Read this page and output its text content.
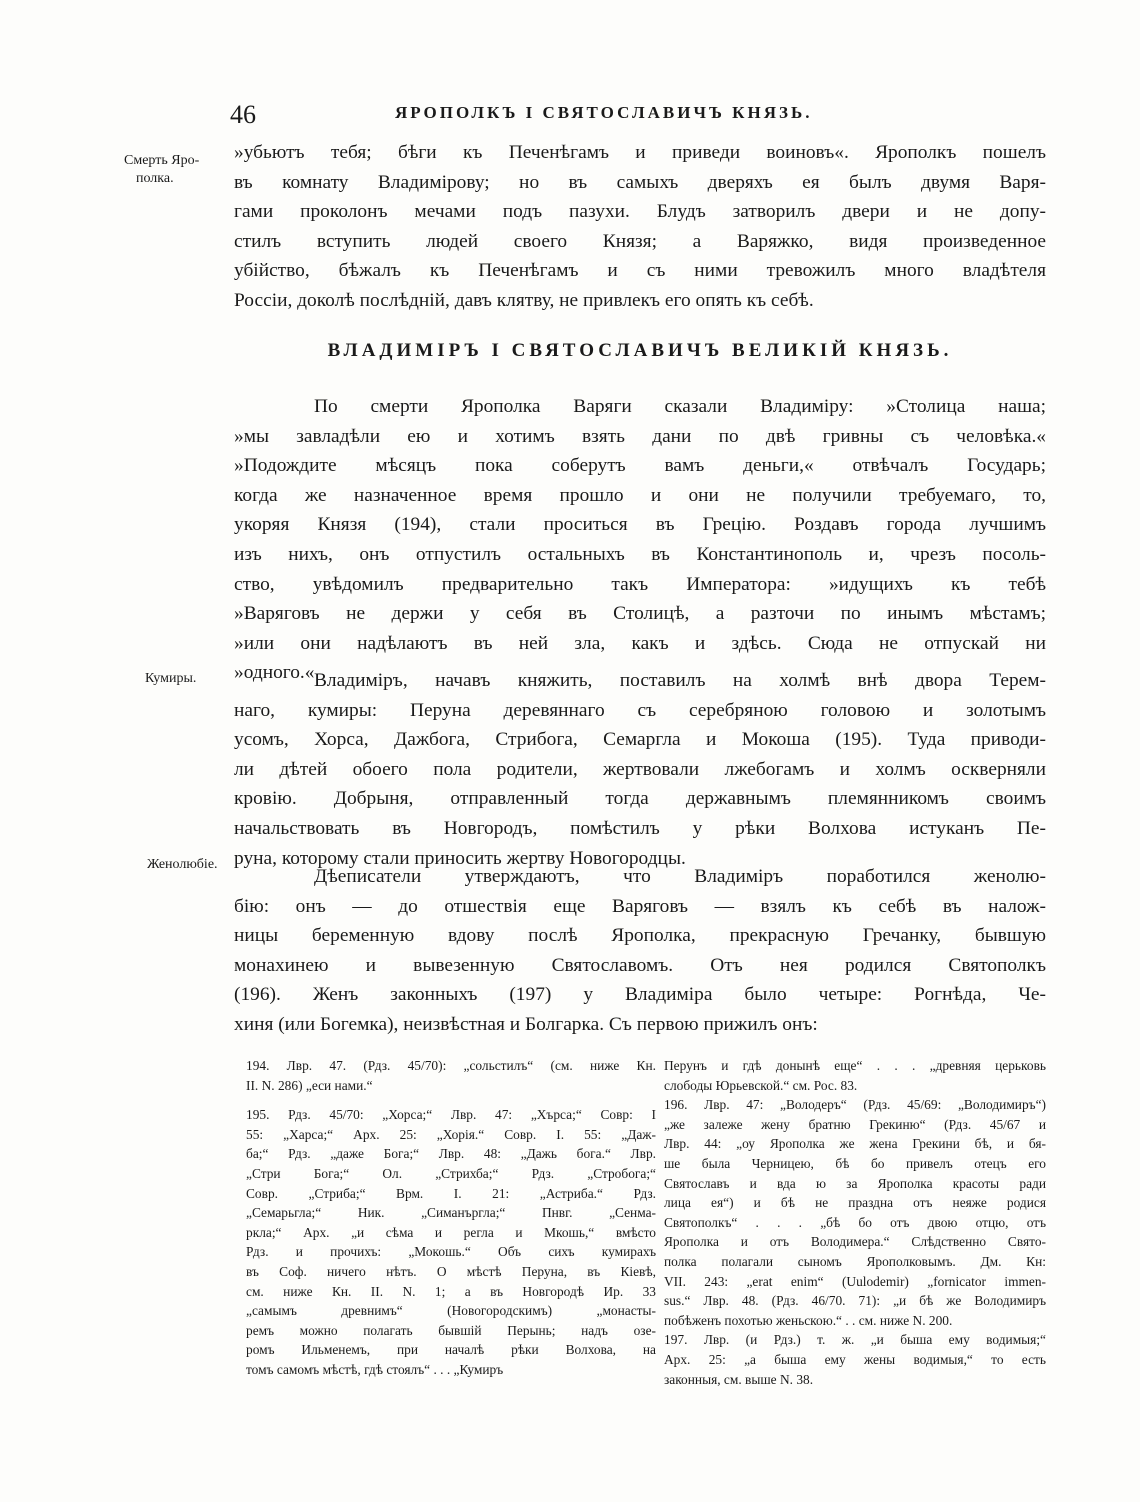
46	ЯРОПОЛКЪ I СВЯТОСЛАВИЧЪ КНЯЗЬ.
Смерть Яро-
полка.
Кумиры.
Женолюбіе.
»убьютъ тебя; бѣги къ Печенѣгамъ и приведи воиновъ«. Ярополкъ пошелъ
въ комнату Владимірову; но въ самыхъ дверяхъ ея былъ двумя Варя-
гами проколонъ мечами подъ пазухи. Блудъ затворилъ двери и не допу-
стилъ вступить людей своего Князя; а Варяжко, видя произведенное
убійство, бѣжалъ къ Печенѣгамъ и съ ними тревожилъ много владѣтеля
Россіи, доколѣ послѣдній, давъ клятву, не привлекъ его опять къ себѣ.
ВЛАДИМІРЪ I СВЯТОСЛАВИЧЪ ВЕЛИКІЙ КНЯЗЬ.
По смерти Ярополка Варяги сказали Владиміру: »Столица наша;
»мы завладѣли ею и хотимъ взять дани по двѣ гривны съ человѣка.«
»Подождите мѣсяцъ пока соберутъ вамъ деньги,« отвѣчалъ Государь;
когда же назначенное время прошло и они не получили требуемаго, то,
укоряя Князя (194), стали проситься въ Грецію. Роздавъ города лучшимъ
изъ нихъ, онъ отпустилъ остальныхъ въ Константинополь и, чрезъ посоль-
ство, увѣдомилъ предварительно такъ Императора: »идущихъ къ тебѣ
»Варяговъ не держи у себя въ Столицѣ, а разточи по инымъ мѣстамъ;
»или они надѣлаютъ въ ней зла, какъ и здѣсь. Сюда не отпускай ни
»одного.« Владиміръ, начавъ княжить, поставилъ на холмѣ внѣ двора Терем-
наго, кумиры: Перуна деревяннаго съ серебряною головою и золотымъ
усомъ, Хорса, Дажбога, Стрибога, Семаргла и Мокоша (195). Туда приводи-
ли дѣтей обоего пола родители, жертвовали лжебогамъ и холмъ оскверняли
кровію. Добрыня, отправленный тогда державнымъ племянникомъ своимъ
начальствовать въ Новгородъ, помѣстилъ у рѣки Волхова истуканъ Пе-
руна, которому стали приносить жертву Новогородцы.
Дѣеписатели утверждаютъ, что Владиміръ поработился женолю-
бію: онъ — до отшествія еще Варяговъ — взялъ къ себѣ въ налож-
ницы беременную вдову послѣ Ярополка, прекрасную Гречанку, бывшую
монахинею и вывезенную Святославомъ. Отъ нея родился Святополкъ
(196). Женъ законныхъ (197) у Владиміра было четыре: Рогнѣда, Че-
хиня (или Богемка), неизвѣстная и Болгарка. Съ первою прижилъ онъ:
194. Лвр. 47. (Рдз. 45/70): „сольстилъ“ (см. ниже Кн.
II. N. 286) „еси нами.“
195. Рдз. 45/70: „Хорса;“ Лвр. 47: „Хърса;“ Совр: I
55: „Харса;“ Арх. 25: „Хорія.“ Совр. I. 55: „Даж-
ба;“ Рдз. „даже Бога;“ Лвр. 48: „Дажь бога.“ Лвр.
„Стри Бога;“ Ол. „Стрихба;“ Рдз. „Стробога;“
Совр. „Стриба;“ Врм. I. 21: „Астриба.“ Рдз.
„Семарьгла;“ Ник. „Симанъргла;“ Пнвг. „Сенма-
ркла;“ Арх. „и сѣма и регла и Мкошь,“ вмѣсто
Рдз. и прочихъ: „Мокошь.“ Объ сихъ кумирахъ
въ Соф. ничего нѣтъ. О мѣстѣ Перуна, въ Кіевѣ,
см. ниже Кн. II. N. 1; а въ Новгородѣ Ир. 33
„самымъ древнимъ“ (Новогородскимъ) „монасты-
ремъ можно полагать бывшій Перынь; надъ озе-
ромъ Ильменемъ, при началѣ рѣки Волхова, на
томъ самомъ мѣстѣ, гдѣ стоялъ“ . . . „Кумиръ
Перунъ и гдѣ донынѣ еще“ . . . „древняя церьковь
слободы Юрьевской.“ см. Рос. 83.
196. Лвр. 47: „Володеръ“ (Рдз. 45/69: „Володимиръ“)
„же залеже жену братню Грекиню“ (Рдз. 45/67 и
Лвр. 44: „оу Ярополка же жена Грекини бѣ, и бя-
ше была Черницею, бѣ бо привелъ отецъ его
Святославъ и вда ю за Ярополка красоты ради
лица ея“) и бѣ не праздна отъ неяже родися
Святополкъ“ . . . „бѣ бо отъ двою отцю, отъ
Ярополка и отъ Володимера.“ Слѣдственно Свято-
полка полагали сыномъ Ярополковымъ. Дм. Кн:
VII. 243: „erat enim“ (Uulodemir) „fornicator immen-
sus.“ Лвр. 48. (Рдз. 46/70. 71): „и бѣ же Володимиръ
побѣженъ похотью женьскою.“ . . см. ниже N. 200.
197. Лвр. (и Рдз.) т. ж. „и быша ему водимыя;“
Арх. 25: „а быша ему жены водимыя,“ то есть
законныя, см. выше N. 38.
